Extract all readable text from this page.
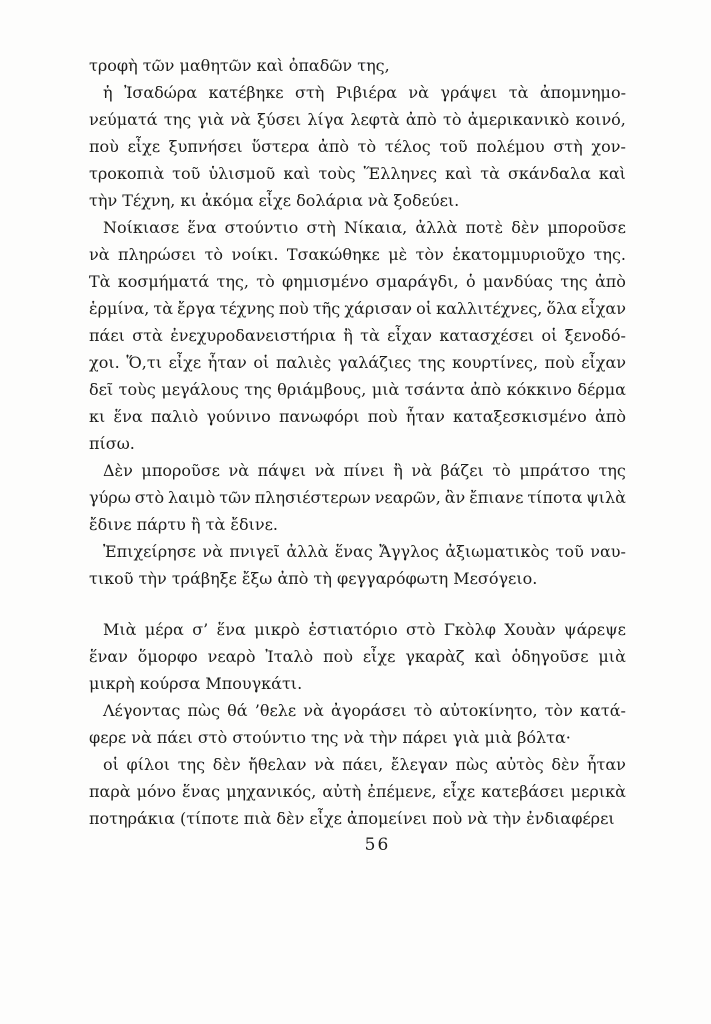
τροφὴ τῶν μαθητῶν καὶ ὀπαδῶν της,
ἡ Ἰσαδώρα κατέβηκε στὴ Ριβιέρα νὰ γράψει τὰ ἀπομνημο-
νεύματά της γιὰ νὰ ξύσει λίγα λεφτὰ ἀπὸ τὸ ἀμερικανικὸ κοινό,
ποὺ εἶχε ξυπνήσει ὕστερα ἀπὸ τὸ τέλος τοῦ πολέμου στὴ χον-
τροκοπιὰ τοῦ ὑλισμοῦ καὶ τοὺς Ἕλληνες καὶ τὰ σκάνδαλα καὶ
τὴν Τέχνη, κι ἀκόμα εἶχε δολάρια νὰ ξοδεύει.
Νοίκιασε ἕνα στούντιο στὴ Νίκαια, ἀλλὰ ποτὲ δὲν μποροῦσε
νὰ πληρώσει τὸ νοίκι. Τσακώθηκε μὲ τὸν ἑκατομμυριοῦχο της.
Τὰ κοσμήματά της, τὸ φημισμένο σμαράγδι, ὁ μανδύας της ἀπὸ
ἑρμίνα, τὰ ἔργα τέχνης ποὺ τῆς χάρισαν οἱ καλλιτέχνες, ὅλα εἶχαν
πάει στὰ ἐνεχυροδανειστήρια ἢ τὰ εἶχαν κατασχέσει οἱ ξενοδό-
χοι. Ὅ,τι εἶχε ἦταν οἱ παλιὲς γαλάζιες της κουρτίνες, ποὺ εἶχαν
δεῖ τοὺς μεγάλους της θριάμβους, μιὰ τσάντα ἀπὸ κόκκινο δέρμα
κι ἕνα παλιὸ γούνινο πανωφόρι ποὺ ἦταν καταξεσκισμένο ἀπὸ
πίσω.
Δὲν μποροῦσε νὰ πάψει νὰ πίνει ἢ νὰ βάζει τὸ μπράτσο της
γύρω στὸ λαιμὸ τῶν πλησιέστερων νεαρῶν, ἂν ἔπιανε τίποτα ψιλὰ
ἔδινε πάρτυ ἢ τὰ ἔδινε.
Ἐπιχείρησε νὰ πνιγεῖ ἀλλὰ ἕνας Ἄγγλος ἀξιωματικὸς τοῦ ναυ-
τικοῦ τὴν τράβηξε ἔξω ἀπὸ τὴ φεγγαρόφωτη Μεσόγειο.
Μιὰ μέρα σ’ ἕνα μικρὸ ἑστιατόριο στὸ Γκὸλφ Χουὰν ψάρεψε
ἕναν ὅμορφο νεαρὸ Ἰταλὸ ποὺ εἶχε γκαρὰζ καὶ ὁδηγοῦσε μιὰ
μικρὴ κούρσα Μπουγκάτι.
Λέγοντας πὼς θά ’θελε νὰ ἀγοράσει τὸ αὐτοκίνητο, τὸν κατά-
φερε νὰ πάει στὸ στούντιο της νὰ τὴν πάρει γιὰ μιὰ βόλτα·
οἱ φίλοι της δὲν ἤθελαν νὰ πάει, ἔλεγαν πὼς αὐτὸς δὲν ἦταν
παρὰ μόνο ἕνας μηχανικός, αὐτὴ ἐπέμενε, εἶχε κατεβάσει μερικὰ
ποτηράκια (τίποτε πιὰ δὲν εἶχε ἀπομείνει ποὺ νὰ τὴν ἐνδιαφέρει
56
